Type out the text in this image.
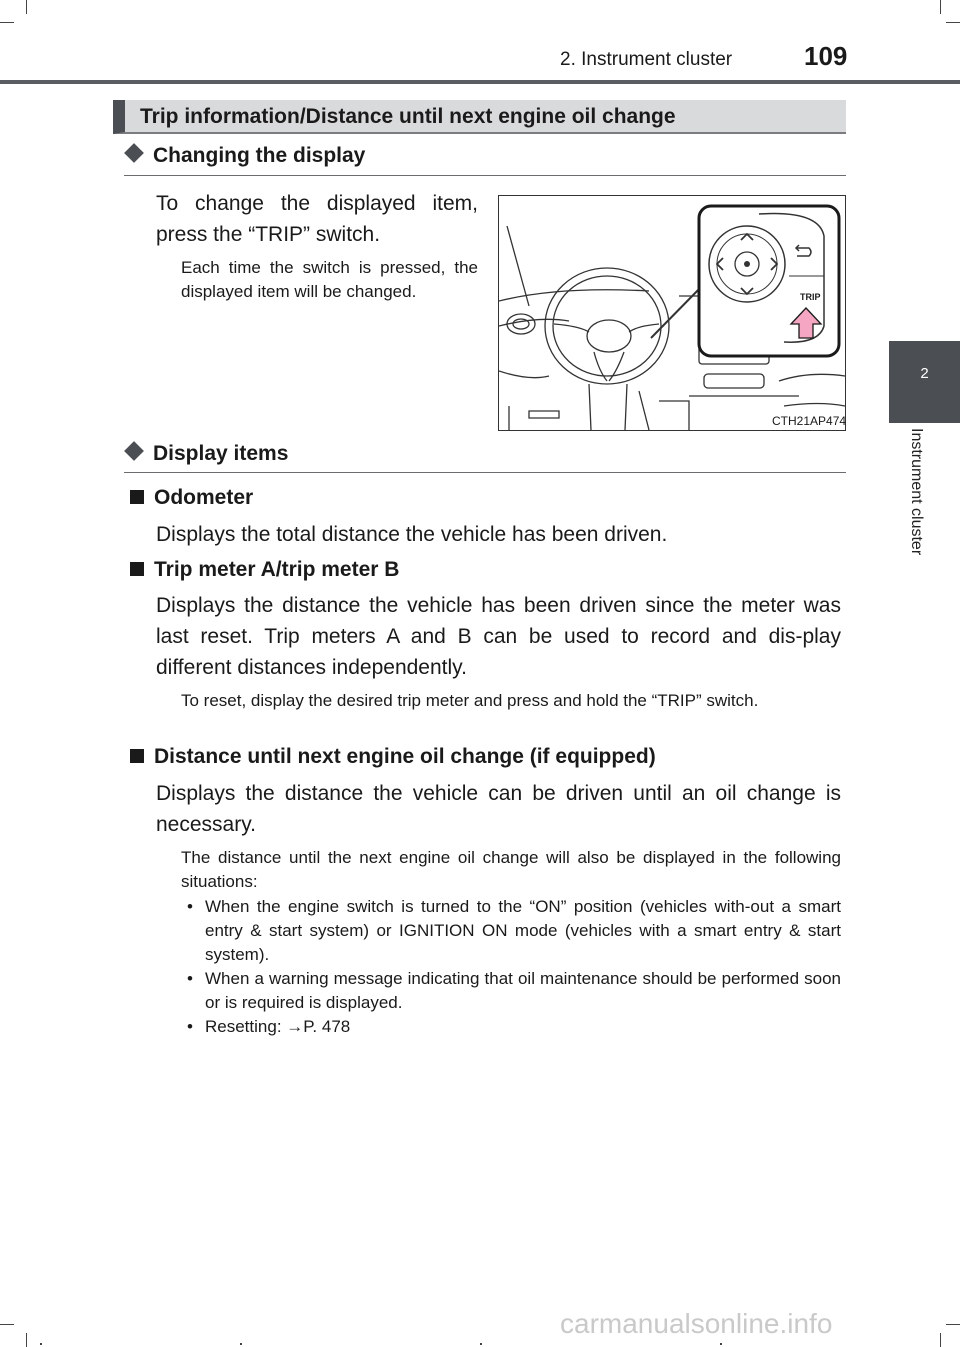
2. Instrument cluster	109
2
Instrument cluster
Trip information/Distance until next engine oil change
Changing the display
To change the displayed item, press the “TRIP” switch.
Each time the switch is pressed, the displayed item will be changed.	TRIP
CTH21AP474
Display items
Odometer
Displays the total distance the vehicle has been driven.
Trip meter A/trip meter B
Displays the distance the vehicle has been driven since the meter was last reset. Trip meters A and B can be used to record and dis-play different distances independently.
To reset, display the desired trip meter and press and hold the “TRIP” switch.
Distance until next engine oil change (if equipped)
Displays the distance the vehicle can be driven until an oil change is necessary.
The distance until the next engine oil change will also be displayed in the following situations:
• When the engine switch is turned to the “ON” position (vehicles with-out a smart entry & start system) or IGNITION ON mode (vehicles with a smart entry & start system).
• When a warning message indicating that oil maintenance should be performed soon or is required is displayed.
• Resetting: →P. 478
carmanualsonline.info
